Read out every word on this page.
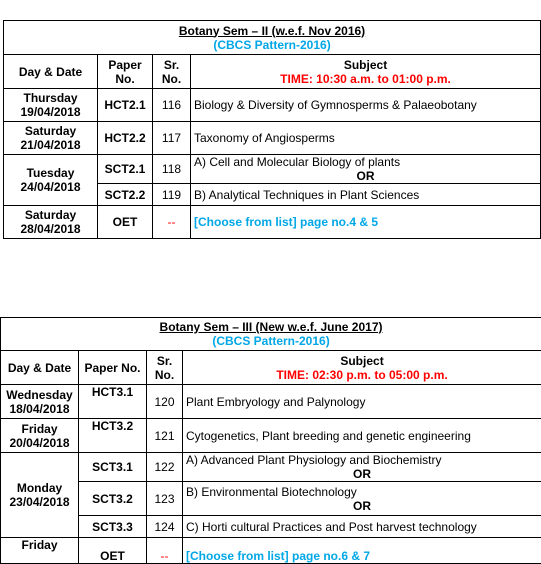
Botany Sem – II (w.e.f. Nov 2016)
(CBCS Pattern-2016)			
Day & Date	Paper No.	Sr. No.	Subject
TIME: 10:30 a.m. to 01:00 p.m.
Thursday
19/04/2018	HCT2.1	116	Biology & Diversity of Gymnosperms & Palaeobotany
Saturday
21/04/2018	HCT2.2	117	Taxonomy of Angiosperms
Tuesday
24/04/2018	SCT2.1	118	A) Cell and Molecular Biology of plants
OR

	SCT2.2	119	B) Analytical Techniques in Plant Sciences
Saturday
28/04/2018	OET	--	[Choose from list] page no.4 & 5
Botany Sem – III (New w.e.f. June 2017)
(CBCS Pattern-2016)			
Day & Date	Paper No.	Sr. No.	Subject
TIME: 02:30 p.m. to 05:00 p.m.
Wednesday
18/04/2018	HCT3.1	120	Plant Embryology and Palynology
Friday
20/04/2018	HCT3.2	121	Cytogenetics, Plant breeding and genetic engineering
Monday
23/04/2018	SCT3.1	122	A) Advanced Plant Physiology and Biochemistry
OR

	SCT3.2	123	B) Environmental Biotechnology
OR

	SCT3.3	124	C) Horti cultural Practices and Post harvest technology
Friday	OET	--	[Choose from list] page no.6 & 7
